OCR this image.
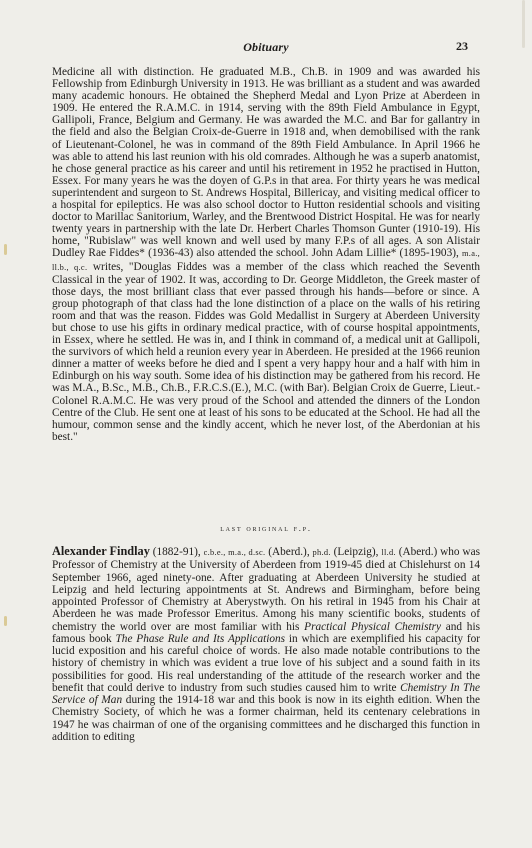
Obituary	23

Medicine all with distinction. He graduated M.B., Ch.B. in 1909 and was awarded his Fellowship from Edinburgh University in 1913. He was brilliant as a student and was awarded many academic honours. He obtained the Shepherd Medal and Lyon Prize at Aberdeen in 1909. He entered the R.A.M.C. in 1914, serving with the 89th Field Ambulance in Egypt, Gallipoli, France, Belgium and Germany. He was awarded the M.C. and Bar for gallantry in the field and also the Belgian Croix-de-Guerre in 1918 and, when demobilised with the rank of Lieutenant-Colonel, he was in command of the 89th Field Ambulance. In April 1966 he was able to attend his last reunion with his old comrades. Although he was a superb anatomist, he chose general practice as his career and until his retirement in 1952 he practised in Hutton, Essex. For many years he was the doyen of G.P.s in that area. For thirty years he was medical superintendent and surgeon to St. Andrews Hospital, Billericay, and visiting medical officer to a hospital for epileptics. He was also school doctor to Hutton residential schools and visiting doctor to Marillac Sanitorium, Warley, and the Brentwood District Hospital. He was for nearly twenty years in partnership with the late Dr. Herbert Charles Thomson Gunter (1910-19). His home, "Rubislaw" was well known and well used by many F.P.s of all ages. A son Alistair Dudley Rae Fiddes* (1936-43) also attended the school. John Adam Lillie* (1895-1903), m.a., ll.b., q.c. writes, "Douglas Fiddes was a member of the class which reached the Seventh Classical in the year of 1902. It was, according to Dr. George Middleton, the Greek master of those days, the most brilliant class that ever passed through his hands—before or since. A group photograph of that class had the lone distinction of a place on the walls of his retiring room and that was the reason. Fiddes was Gold Medallist in Surgery at Aberdeen University but chose to use his gifts in ordinary medical practice, with of course hospital appointments, in Essex, where he settled. He was in, and I think in command of, a medical unit at Gallipoli, the survivors of which held a reunion every year in Aberdeen. He presided at the 1966 reunion dinner a matter of weeks before he died and I spent a very happy hour and a half with him in Edinburgh on his way south. Some idea of his distinction may be gathered from his record. He was M.A., B.Sc., M.B., Ch.B., F.R.C.S.(E.), M.C. (with Bar). Belgian Croix de Guerre, Lieut.-Colonel R.A.M.C. He was very proud of the School and attended the dinners of the London Centre of the Club. He sent one at least of his sons to be educated at the School. He had all the humour, common sense and the kindly accent, which he never lost, of the Aberdonian at his best."

last original f.p.

Alexander Findlay (1882-91), c.b.e., m.a., d.sc. (Aberd.), ph.d. (Leipzig), ll.d. (Aberd.) who was Professor of Chemistry at the University of Aberdeen from 1919-45 died at Chislehurst on 14 September 1966, aged ninety-one. After graduating at Aberdeen University he studied at Leipzig and held lecturing appointments at St. Andrews and Birmingham, before being appointed Professor of Chemistry at Aberystwyth. On his retiral in 1945 from his Chair at Aberdeen he was made Professor Emeritus. Among his many scientific books, students of chemistry the world over are most familiar with his Practical Physical Chemistry and his famous book The Phase Rule and Its Applications in which are exemplified his capacity for lucid exposition and his careful choice of words. He also made notable contributions to the history of chemistry in which was evident a true love of his subject and a sound faith in its possibilities for good. His real understanding of the attitude of the research worker and the benefit that could derive to industry from such studies caused him to write Chemistry In The Service of Man during the 1914-18 war and this book is now in its eighth edition. When the Chemistry Society, of which he was a former chairman, held its centenary celebrations in 1947 he was chairman of one of the organising committees and he discharged this function in addition to editing
